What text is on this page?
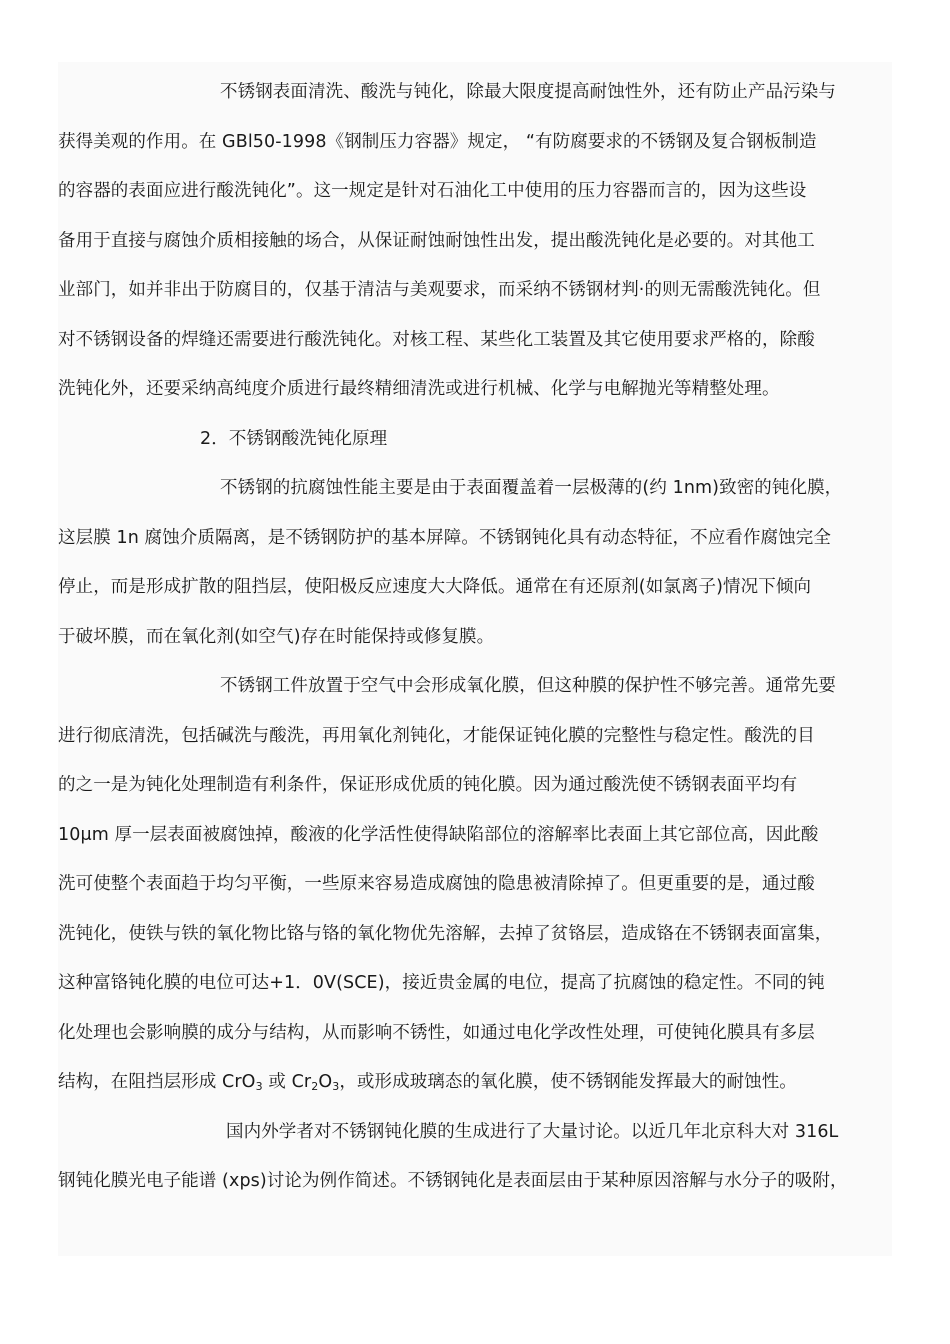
不锈钢表面清洗、酸洗与钝化，除最大限度提高耐蚀性外，还有防止产品污染与
获得美观的作用。在 GBl50-1998《钢制压力容器》规定， “有防腐要求的不锈钢及复合钢板制造
的容器的表面应进行酸洗钝化”。这一规定是针对石油化工中使用的压力容器而言的，因为这些设
备用于直接与腐蚀介质相接触的场合，从保证耐蚀耐蚀性出发，提出酸洗钝化是必要的。对其他工
业部门，如并非出于防腐目的，仅基于清洁与美观要求，而采纳不锈钢材判·的则无需酸洗钝化。但
对不锈钢设备的焊缝还需要进行酸洗钝化。对核工程、某些化工装置及其它使用要求严格的，除酸
洗钝化外，还要采纳高纯度介质进行最终精细清洗或进行机械、化学与电解抛光等精整处理。
2．不锈钢酸洗钝化原理
不锈钢的抗腐蚀性能主要是由于表面覆盖着一层极薄的(约 1nm)致密的钝化膜，
这层膜 1n 腐蚀介质隔离，是不锈钢防护的基本屏障。不锈钢钝化具有动态特征，不应看作腐蚀完全
停止，而是形成扩散的阻挡层，使阳极反应速度大大降低。通常在有还原剂(如氯离子)情况下倾向
于破坏膜，而在氧化剂(如空气)存在时能保持或修复膜。
不锈钢工件放置于空气中会形成氧化膜，但这种膜的保护性不够完善。通常先要
进行彻底清洗，包括碱洗与酸洗，再用氧化剂钝化，才能保证钝化膜的完整性与稳定性。酸洗的目
的之一是为钝化处理制造有利条件，保证形成优质的钝化膜。因为通过酸洗使不锈钢表面平均有
10μm 厚一层表面被腐蚀掉，酸液的化学活性使得缺陷部位的溶解率比表面上其它部位高，因此酸
洗可使整个表面趋于均匀平衡，一些原来容易造成腐蚀的隐患被清除掉了。但更重要的是，通过酸
洗钝化，使铁与铁的氧化物比铬与铬的氧化物优先溶解，去掉了贫铬层，造成铬在不锈钢表面富集，
这种富铬钝化膜的电位可达+1．0V(SCE)，接近贵金属的电位，提高了抗腐蚀的稳定性。不同的钝
化处理也会影响膜的成分与结构，从而影响不锈性，如通过电化学改性处理，可使钝化膜具有多层
结构，在阻挡层形成 CrO$_3$ 或 $Cr_2O_3$，或形成玻璃态的氧化膜，使不锈钢能发挥最大的耐蚀性。
国内外学者对不锈钢钝化膜的生成进行了大量讨论。以近几年北京科大对 316L
钢钝化膜光电子能谱 (xps)讨论为例作简述。不锈钢钝化是表面层由于某种原因溶解与水分子的吸附，
